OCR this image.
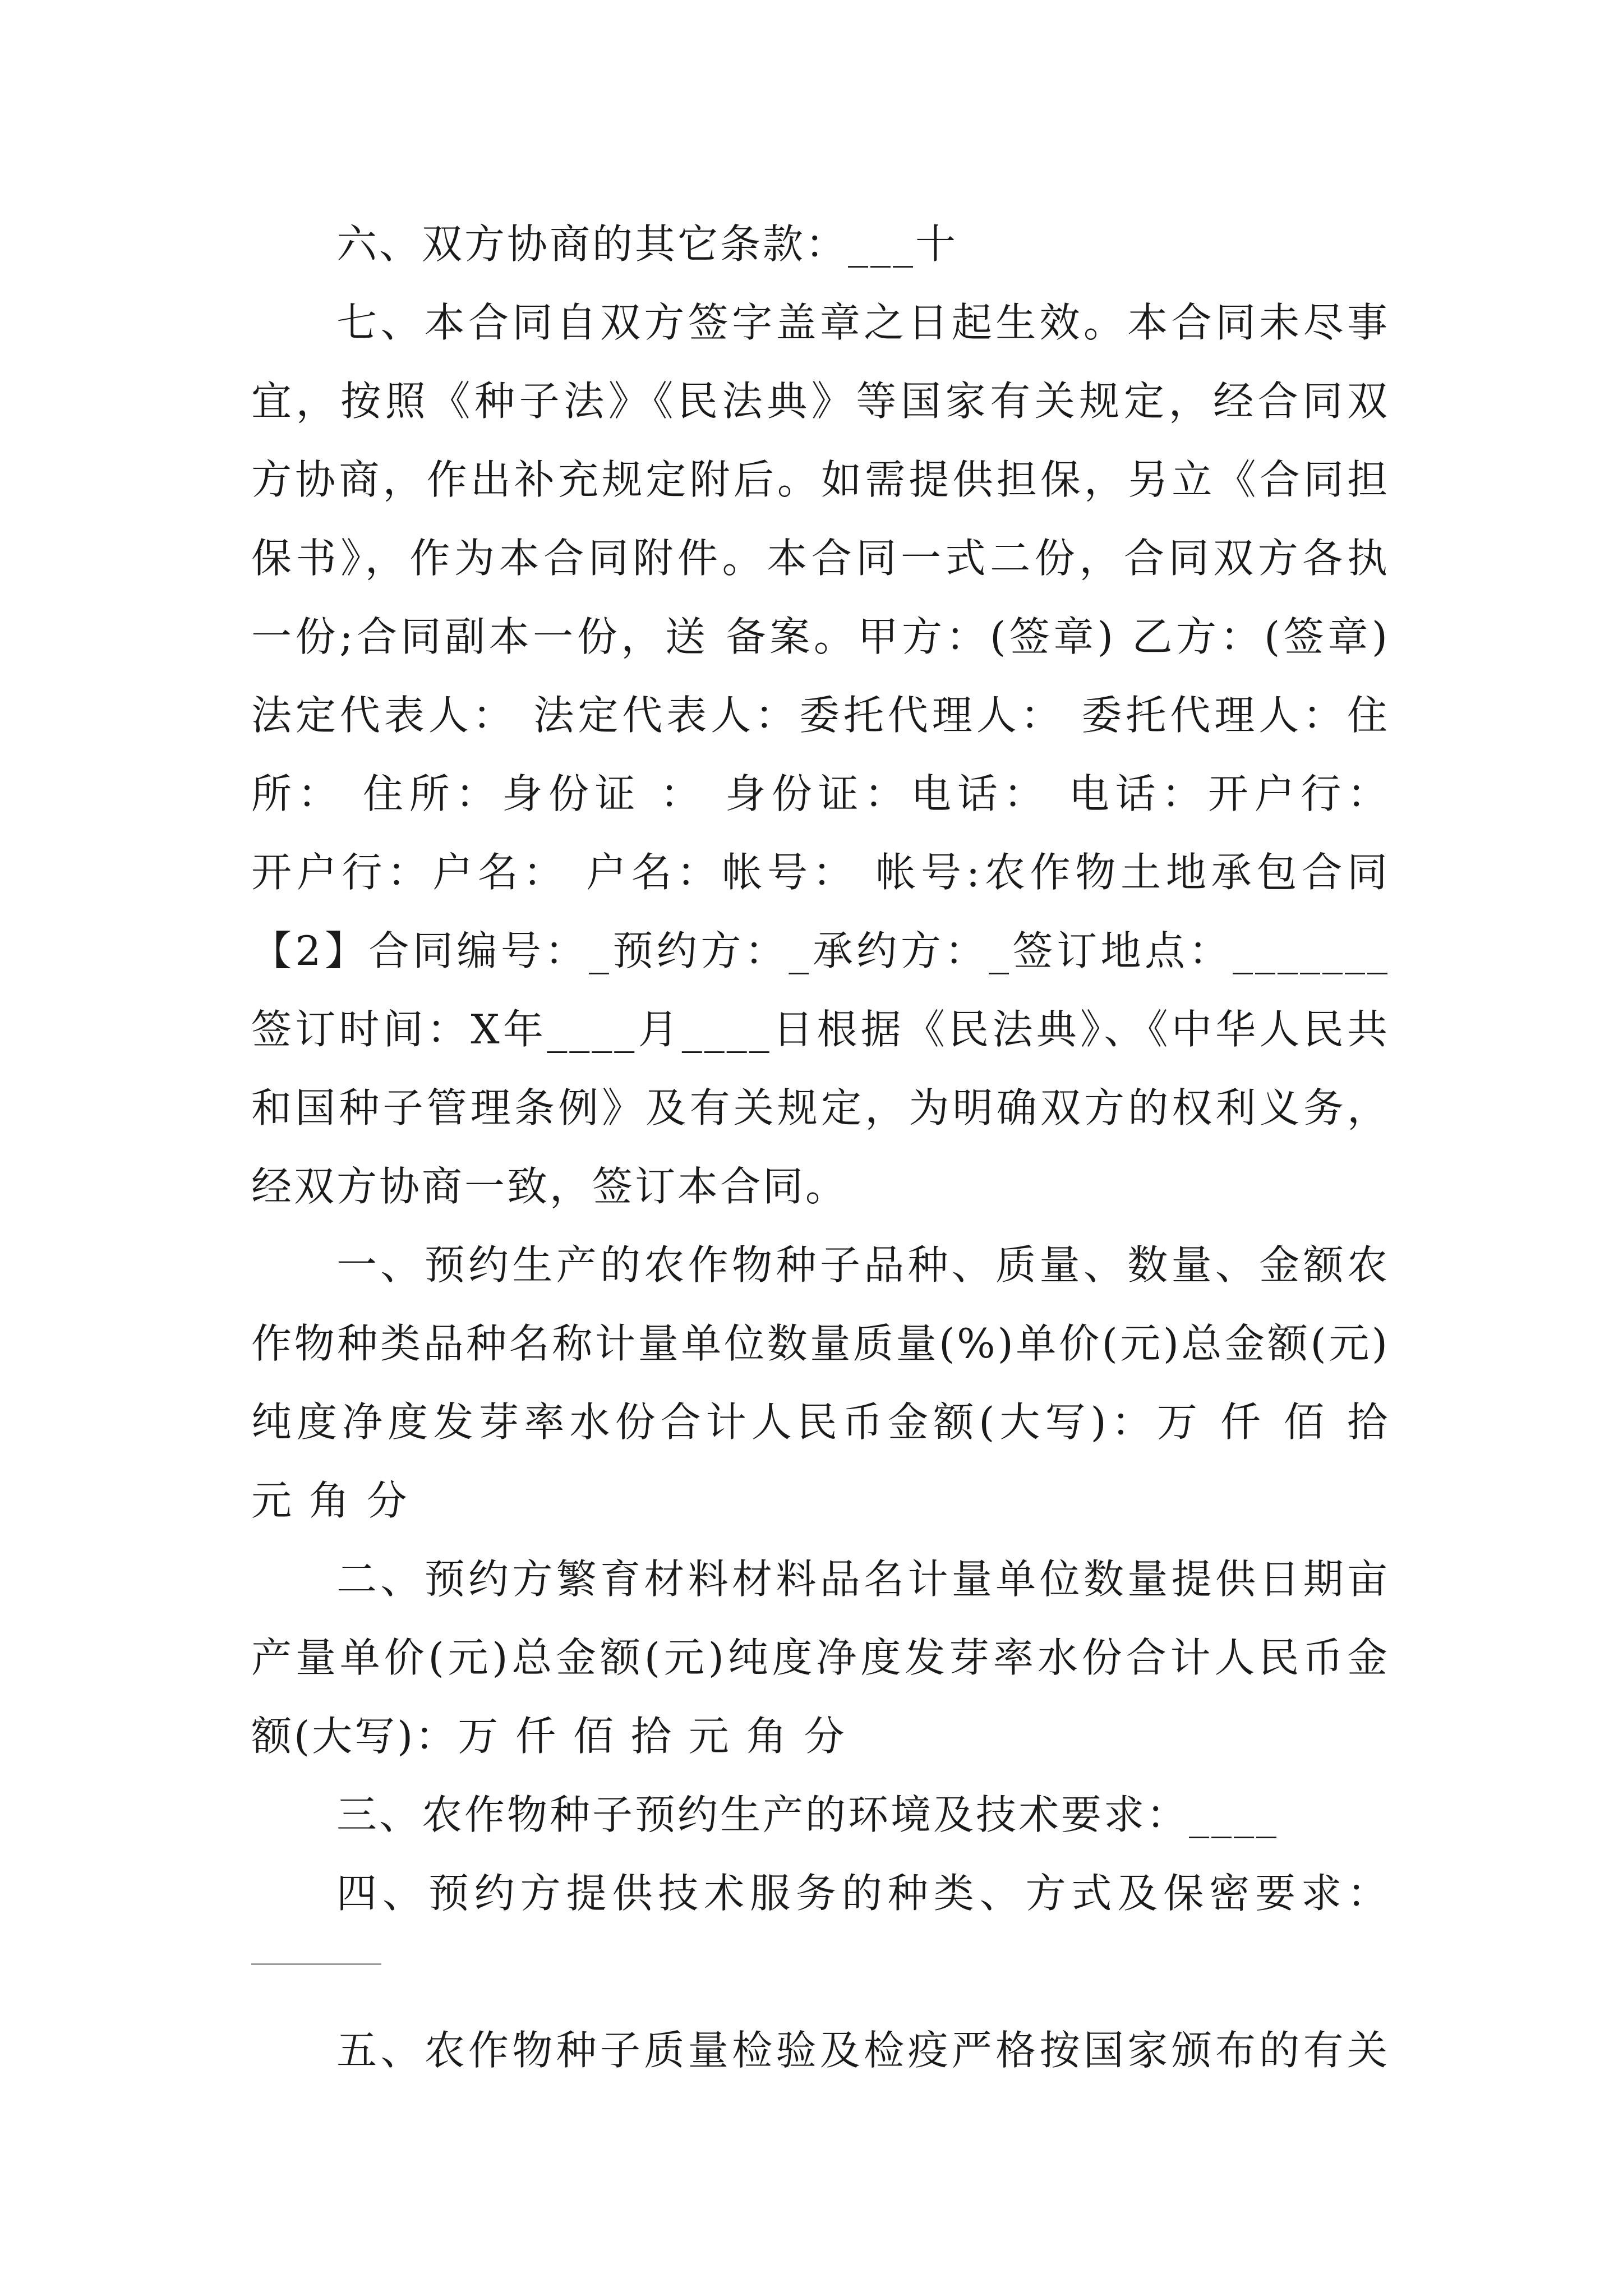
六、双方协商的其它条款：___十
七、本合同自双方签字盖章之日起生效。本合同未尽事
宜，按照《种子法》《民法典》等国家有关规定，经合同双
方协商，作出补充规定附后。如需提供担保，另立《合同担
保书》，作为本合同附件。本合同一式二份，合同双方各执
一份;合同副本一份，送 备案。甲方：(签章) 乙方：(签章)
法定代表人： 法定代表人：委托代理人： 委托代理人：住
所： 住所：身份证 ： 身份证：电话： 电话：开户行：
开户行：户名： 户名：帐号： 帐号:农作物土地承包合同
【2】合同编号：_预约方：_承约方：_签订地点：_______
签订时间：X年____月____日根据《民法典》、《中华人民共
和国种子管理条例》及有关规定，为明确双方的权利义务，
经双方协商一致，签订本合同。
一、预约生产的农作物种子品种、质量、数量、金额农
作物种类品种名称计量单位数量质量(%)单价(元)总金额(元)
纯度净度发芽率水份合计人民币金额(大写)：万 仟 佰 拾
元 角 分
二、预约方繁育材料材料品名计量单位数量提供日期亩
产量单价(元)总金额(元)纯度净度发芽率水份合计人民币金
额(大写)：万 仟 佰 拾 元 角 分
三、农作物种子预约生产的环境及技术要求：____
四、预约方提供技术服务的种类、方式及保密要求：
五、农作物种子质量检验及检疫严格按国家颁布的有关
